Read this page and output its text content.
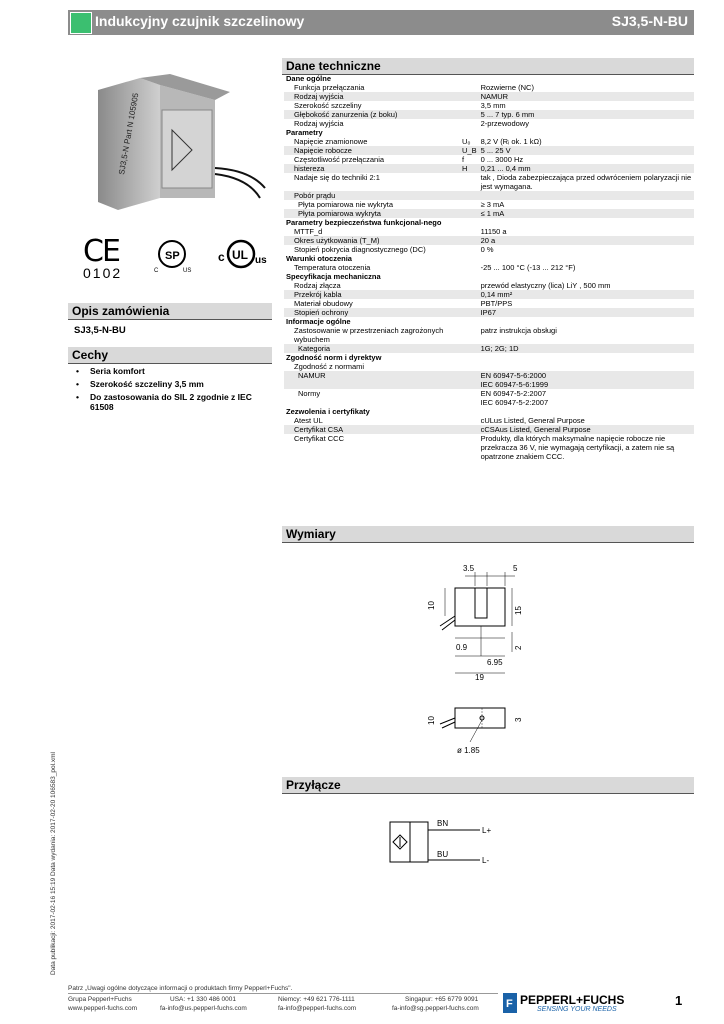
Indukcyjny czujnik szczelinowy	SJ3,5-N-BU
SJ3,5-N Part N 105905
CE
0102
SP
C	US
c UL us
Opis zamówienia
SJ3,5-N-BU
Cechy
• Seria komfort
• Szerokość szczeliny 3,5 mm
• Do zastosowania do SIL 2 zgodnie z IEC 61508
Dane techniczne
Dane ogólne		
Funkcja przełączania		Rozwierne (NC)
Rodzaj wyjścia		NAMUR
Szerokość szczeliny		3,5 mm
Głębokość zanurzenia (z boku)		5 ... 7 typ. 6 mm
Rodzaj wyjścia		2-przewodowy
Parametry		
Napięcie znamionowe	U₀	8,2 V (Rᵢ ok. 1 kΩ)
Napięcie robocze	U_B	5 ... 25 V
Częstotliwość przełączania	f	0 ... 3000 Hz
histereza	H	0,21 ... 0,4 mm
Nadaje się do techniki 2:1		tak , Dioda zabezpieczająca przed odwróceniem polaryzacji nie jest wymagana.
Pobór prądu		
Płyta pomiarowa nie wykryta		≥ 3 mA
Płyta pomiarowa wykryta		≤ 1 mA
Parametry bezpieczeństwa funkcjonal-nego		
MTTF_d		11150 a
Okres użytkowania (T_M)		20 a
Stopień pokrycia diagnostycznego (DC)		0 %
Warunki otoczenia		
Temperatura otoczenia		-25 ... 100 °C (-13 ... 212 °F)
Specyfikacja mechaniczna		
Rodzaj złącza		przewód elastyczny (lica) LiY , 500 mm
Przekrój kabla		0,14 mm²
Materiał obudowy		PBT/PPS
Stopień ochrony		IP67
Informacje ogólne		
Zastosowanie w przestrzeniach zagrożonych wybuchem		patrz instrukcja obsługi
Kategoria		1G; 2G; 1D
Zgodność norm i dyrektyw		
Zgodność z normami		
NAMUR		EN 60947-5-6:2000
IEC 60947-5-6:1999
Normy		EN 60947-5-2:2007
IEC 60947-5-2:2007
Zezwolenia i certyfikaty		
Atest UL		cULus Listed, General Purpose
Certyfikat CSA		cCSAus Listed, General Purpose
Certyfikat CCC		Produkty, dla których maksymalne napięcie robocze nie przekracza 36 V, nie wymagają certyfikacji, a zatem nie są opatrzone znakiem CCC.
Wymiary
3.5	5
10
15
2
0.9
6.95
19
10	3
ø 1.85
Przyłącze
BN
BU
L+
L-
Data publikacji: 2017-02-16 15:19 Data wydania: 2017-02-20 106583_pol.xml
Patrz „Uwagi ogólne dotyczące informacji o produktach firmy Pepperl+Fuchs".
Grupa Pepperl+Fuchs
www.pepperl-fuchs.com
USA: +1 330 486 0001
fa-info@us.pepperl-fuchs.com
Niemcy: +49 621 776-1111
fa-info@pepperl-fuchs.com
Singapur: +65 6779 9091
fa-info@sg.pepperl-fuchs.com F PEPPERL+FUCHS
SENSING YOUR NEEDS
1
